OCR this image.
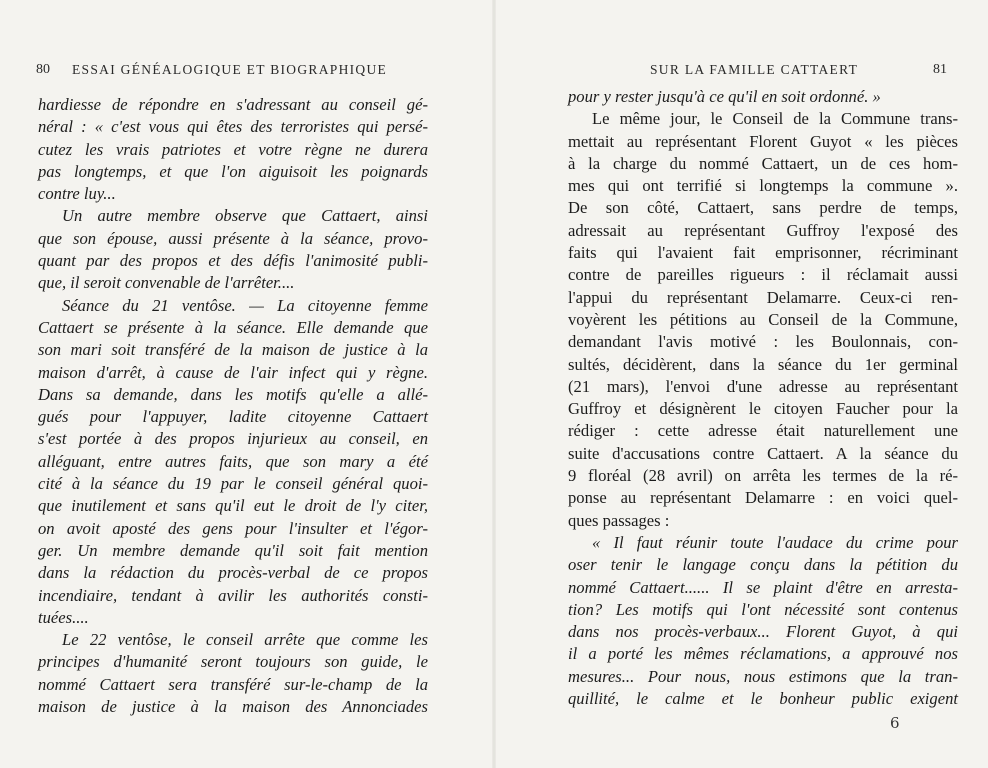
80 ESSAI GÉNÉALOGIQUE ET BIOGRAPHIQUE
hardiesse de répondre en s'adressant au conseil gé-
néral : « c'est vous qui êtes des terroristes qui persé-
cutez les vrais patriotes et votre règne ne durera
pas longtemps, et que l'on aiguisoit les poignards
contre luy...
Un autre membre observe que Cattaert, ainsi
que son épouse, aussi présente à la séance, provo-
quant par des propos et des défis l'animosité publi-
que, il seroit convenable de l'arrêter....
Séance du 21 ventôse. — La citoyenne femme
Cattaert se présente à la séance. Elle demande que
son mari soit transféré de la maison de justice à la
maison d'arrêt, à cause de l'air infect qui y règne.
Dans sa demande, dans les motifs qu'elle a allé-
gués pour l'appuyer, ladite citoyenne Cattaert
s'est portée à des propos injurieux au conseil, en
alléguant, entre autres faits, que son mary a été
cité à la séance du 19 par le conseil général quoi-
que inutilement et sans qu'il eut le droit de l'y citer,
on avoit aposté des gens pour l'insulter et l'égor-
ger. Un membre demande qu'il soit fait mention
dans la rédaction du procès-verbal de ce propos
incendiaire, tendant à avilir les authorités consti-
tuées....
Le 22 ventôse, le conseil arrête que comme les
principes d'humanité seront toujours son guide, le
nommé Cattaert sera transféré sur-le-champ de la
maison de justice à la maison des Annonciades
SUR LA FAMILLE CATTAERT	81
pour y rester jusqu'à ce qu'il en soit ordonné. »
Le même jour, le Conseil de la Commune trans-
mettait au représentant Florent Guyot « les pièces
à la charge du nommé Cattaert, un de ces hom-
mes qui ont terrifié si longtemps la commune ».
De son côté, Cattaert, sans perdre de temps,
adressait au représentant Guffroy l'exposé des
faits qui l'avaient fait emprisonner, récriminant
contre de pareilles rigueurs : il réclamait aussi
l'appui du représentant Delamarre. Ceux-ci ren-
voyèrent les pétitions au Conseil de la Commune,
demandant l'avis motivé : les Boulonnais, con-
sultés, décidèrent, dans la séance du 1er germinal
(21 mars), l'envoi d'une adresse au représentant
Guffroy et désignèrent le citoyen Faucher pour la
rédiger : cette adresse était naturellement une
suite d'accusations contre Cattaert. A la séance du
9 floréal (28 avril) on arrêta les termes de la ré-
ponse au représentant Delamarre : en voici quel-
ques passages :
« Il faut réunir toute l'audace du crime pour
oser tenir le langage conçu dans la pétition du
nommé Cattaert...... Il se plaint d'être en arresta-
tion? Les motifs qui l'ont nécessité sont contenus
dans nos procès-verbaux... Florent Guyot, à qui
il a porté les mêmes réclamations, a approuvé nos
mesures... Pour nous, nous estimons que la tran-
quillité, le calme et le bonheur public exigent
6
